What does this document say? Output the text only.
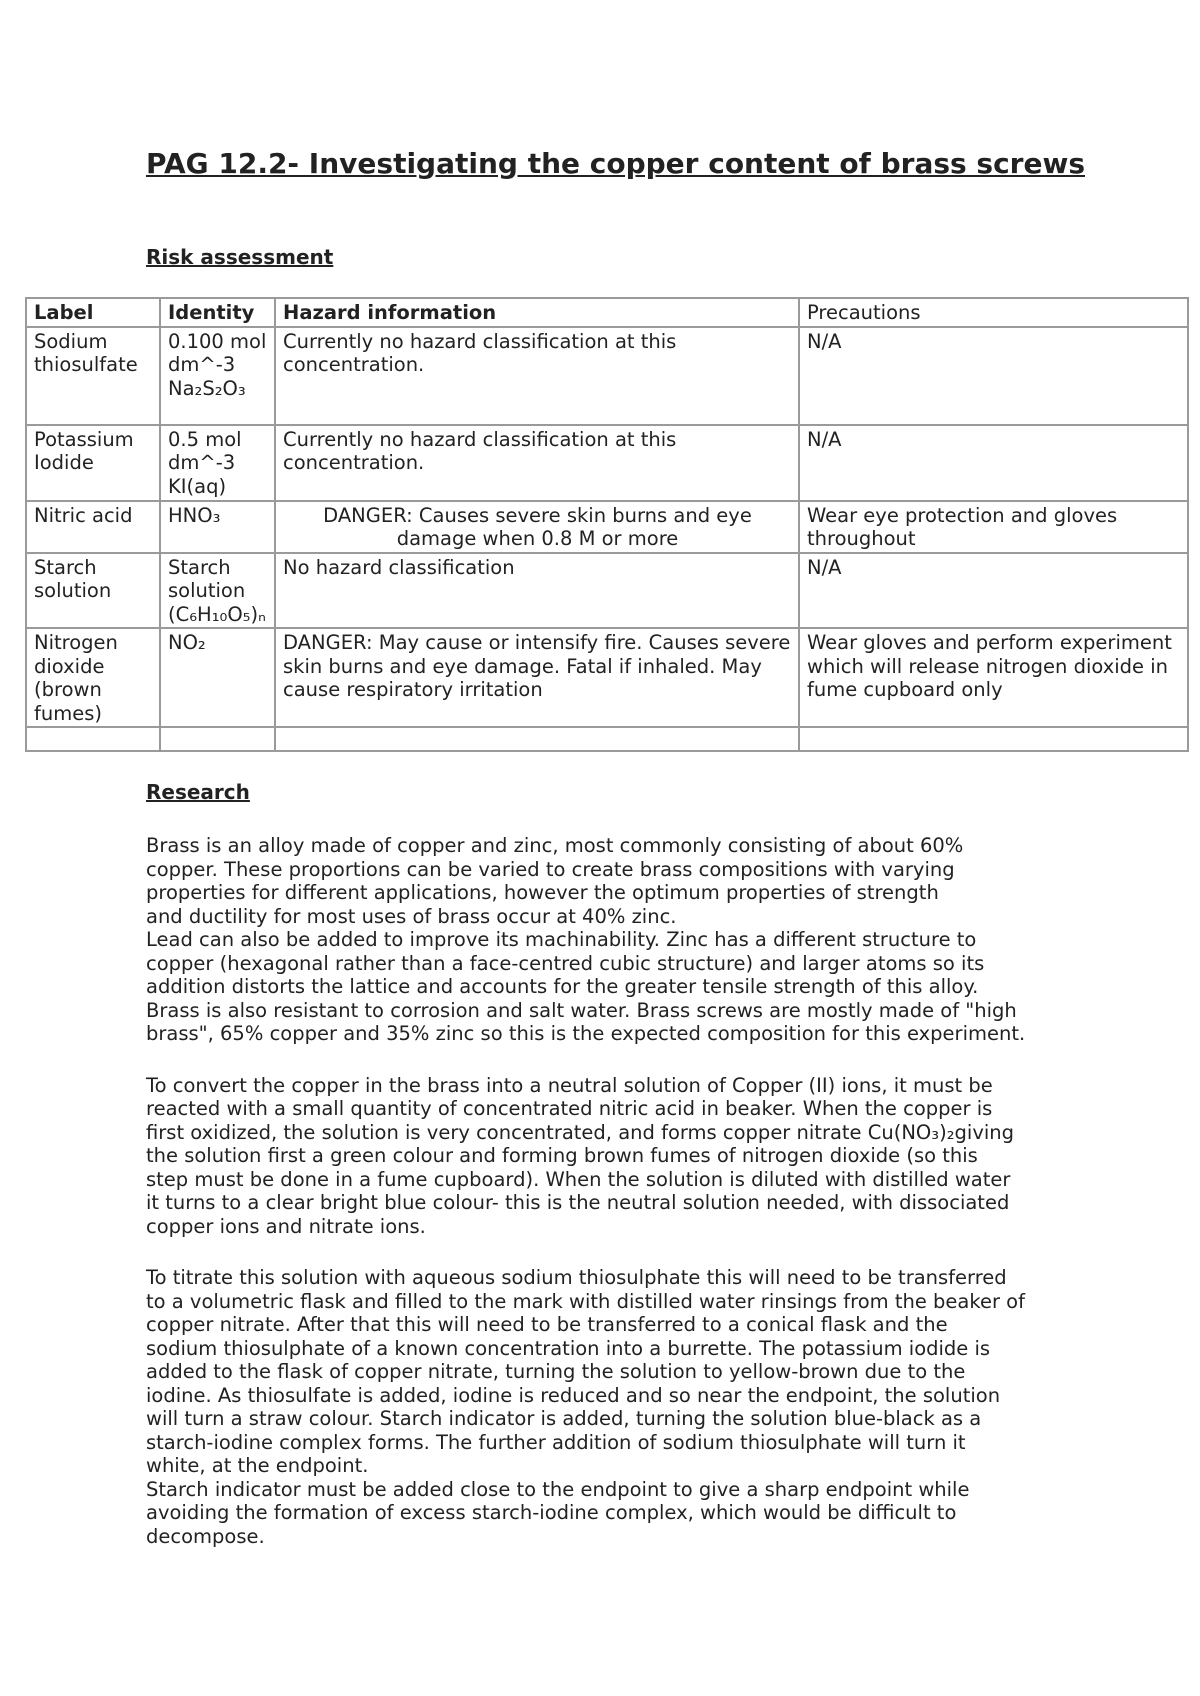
PAG 12.2- Investigating the copper content of brass screws
Risk assessment
Label	Identity	Hazard information	Precautions
Sodium thiosulfate	0.100 mol dm^-3 Na₂S₂O₃	Currently no hazard classification at this concentration.	N/A
Potassium Iodide	0.5 mol dm^-3 KI(aq)	Currently no hazard classification at this concentration.	N/A
Nitric acid	HNO₃	DANGER: Causes severe skin burns and eye damage when 0.8 M or more	Wear eye protection and gloves throughout
Starch solution	Starch solution (C₆H₁₀O₅)ₙ	No hazard classification	N/A
Nitrogen dioxide (brown fumes)	NO₂	DANGER: May cause or intensify fire. Causes severe skin burns and eye damage. Fatal if inhaled. May cause respiratory irritation	Wear gloves and perform experiment which will release nitrogen dioxide in fume cupboard only

Research

Brass is an alloy made of copper and zinc, most commonly consisting of about 60%
copper. These proportions can be varied to create brass compositions with varying
properties for different applications, however the optimum properties of strength
and ductility for most uses of brass occur at 40% zinc.
Lead can also be added to improve its machinability. Zinc has a different structure to
copper (hexagonal rather than a face-centred cubic structure) and larger atoms so its
addition distorts the lattice and accounts for the greater tensile strength of this alloy.
Brass is also resistant to corrosion and salt water. Brass screws are mostly made of "high
brass", 65% copper and 35% zinc so this is the expected composition for this experiment.

To convert the copper in the brass into a neutral solution of Copper (II) ions, it must be
reacted with a small quantity of concentrated nitric acid in beaker. When the copper is
first oxidized, the solution is very concentrated, and forms copper nitrate Cu(NO₃)₂giving
the solution first a green colour and forming brown fumes of nitrogen dioxide (so this
step must be done in a fume cupboard). When the solution is diluted with distilled water
it turns to a clear bright blue colour- this is the neutral solution needed, with dissociated
copper ions and nitrate ions.

To titrate this solution with aqueous sodium thiosulphate this will need to be transferred
to a volumetric flask and filled to the mark with distilled water rinsings from the beaker of
copper nitrate. After that this will need to be transferred to a conical flask and the
sodium thiosulphate of a known concentration into a burrette. The potassium iodide is
added to the flask of copper nitrate, turning the solution to yellow-brown due to the
iodine. As thiosulfate is added, iodine is reduced and so near the endpoint, the solution
will turn a straw colour. Starch indicator is added, turning the solution blue-black as a
starch-iodine complex forms. The further addition of sodium thiosulphate will turn it
white, at the endpoint.
Starch indicator must be added close to the endpoint to give a sharp endpoint while
avoiding the formation of excess starch-iodine complex, which would be difficult to
decompose.
